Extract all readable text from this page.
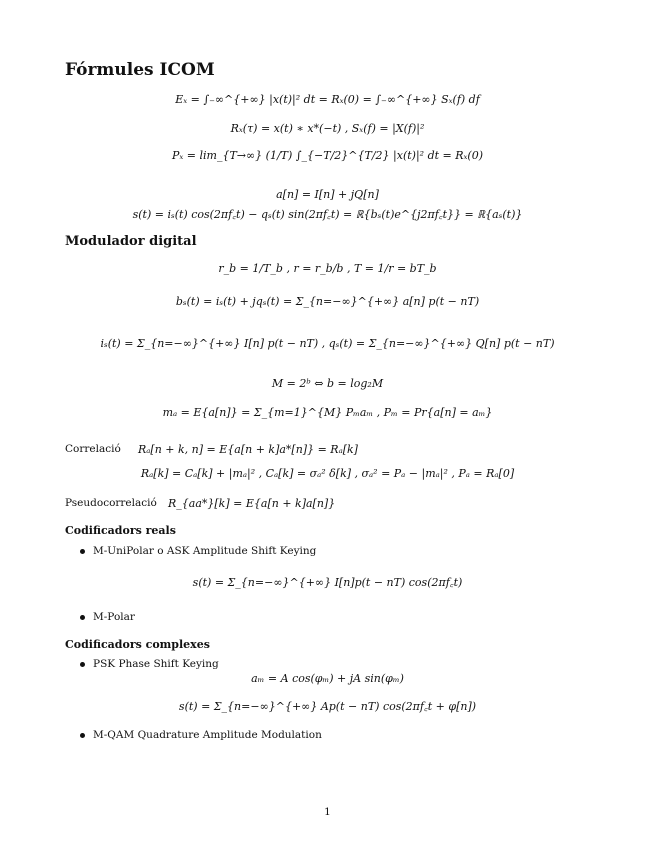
Fórmules ICOM
Eₓ = ∫₋∞^{+∞} |x(t)|² dt = Rₓ(0) = ∫₋∞^{+∞} Sₓ(f) df
Rₓ(τ) = x(t) ∗ x*(−t) , Sₓ(f) = |X(f)|²
Pₓ = lim_{T→∞} (1/T) ∫_{−T/2}^{T/2} |x(t)|² dt = Rₓ(0)
a[n] = I[n] + jQ[n]
s(t) = iₛ(t) cos(2πf꜀t) − qₛ(t) sin(2πf꜀t) = ℝ{bₛ(t)e^{j2πf꜀t}} = ℝ{aₛ(t)}
Modulador digital
r_b = 1/T_b , r = r_b/b , T = 1/r = bT_b
bₛ(t) = iₛ(t) + jqₛ(t) = Σ_{n=−∞}^{+∞} a[n] p(t − nT)
iₛ(t) = Σ_{n=−∞}^{+∞} I[n] p(t − nT) , qₛ(t) = Σ_{n=−∞}^{+∞} Q[n] p(t − nT)
M = 2ᵇ ⇔ b = log₂M
mₐ = E{a[n]} = Σ_{m=1}^{M} Pₘaₘ , Pₘ = Pr{a[n] = aₘ}
Correlació Rₐ[n + k, n] = E{a[n + k]a*[n]} = Rₐ[k]
Rₐ[k] = Cₐ[k] + |mₐ|² , Cₐ[k] = σₐ² δ[k] , σₐ² = Pₐ − |mₐ|² , Pₐ = Rₐ[0]
Pseudocorrelació R_{aa*}[k] = E{a[n + k]a[n]}
Codificadors reals
M-UniPolar o ASK Amplitude Shift Keying
s(t) = Σ_{n=−∞}^{+∞} I[n]p(t − nT) cos(2πf꜀t)
M-Polar
Codificadors complexes
PSK Phase Shift Keying
aₘ = A cos(φₘ) + jA sin(φₘ)
s(t) = Σ_{n=−∞}^{+∞} Ap(t − nT) cos(2πf꜀t + φ[n])
M-QAM Quadrature Amplitude Modulation
1
